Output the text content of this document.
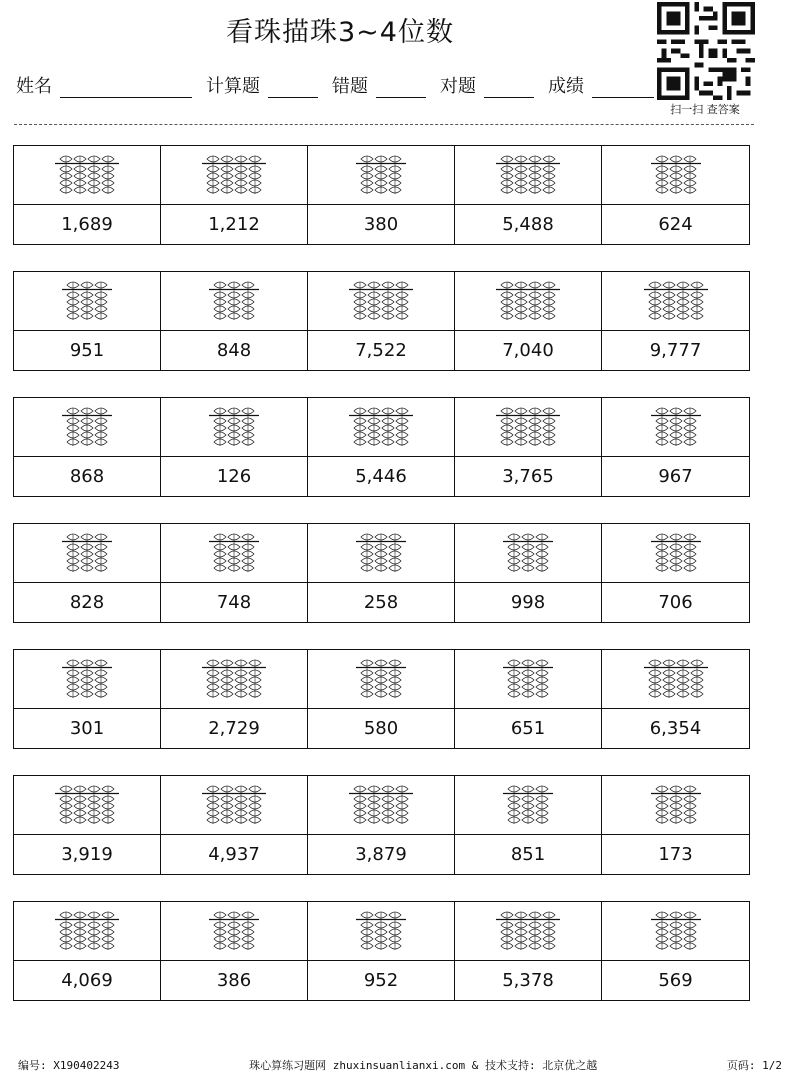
看珠描珠3~4位数
扫一扫 查答案
姓名	计算题	错题	对题	成绩
1,689	1,212	380	5,488	624
951	848	7,522	7,040	9,777
868	126	5,446	3,765	967
828	748	258	998	706
301	2,729	580	651	6,354
3,919	4,937	3,879	851	173
4,069	386	952	5,378	569
编号: X190402243	珠心算练习题网 zhuxinsuanlianxi.com & 技术支持: 北京优之越	页码: 1/2
